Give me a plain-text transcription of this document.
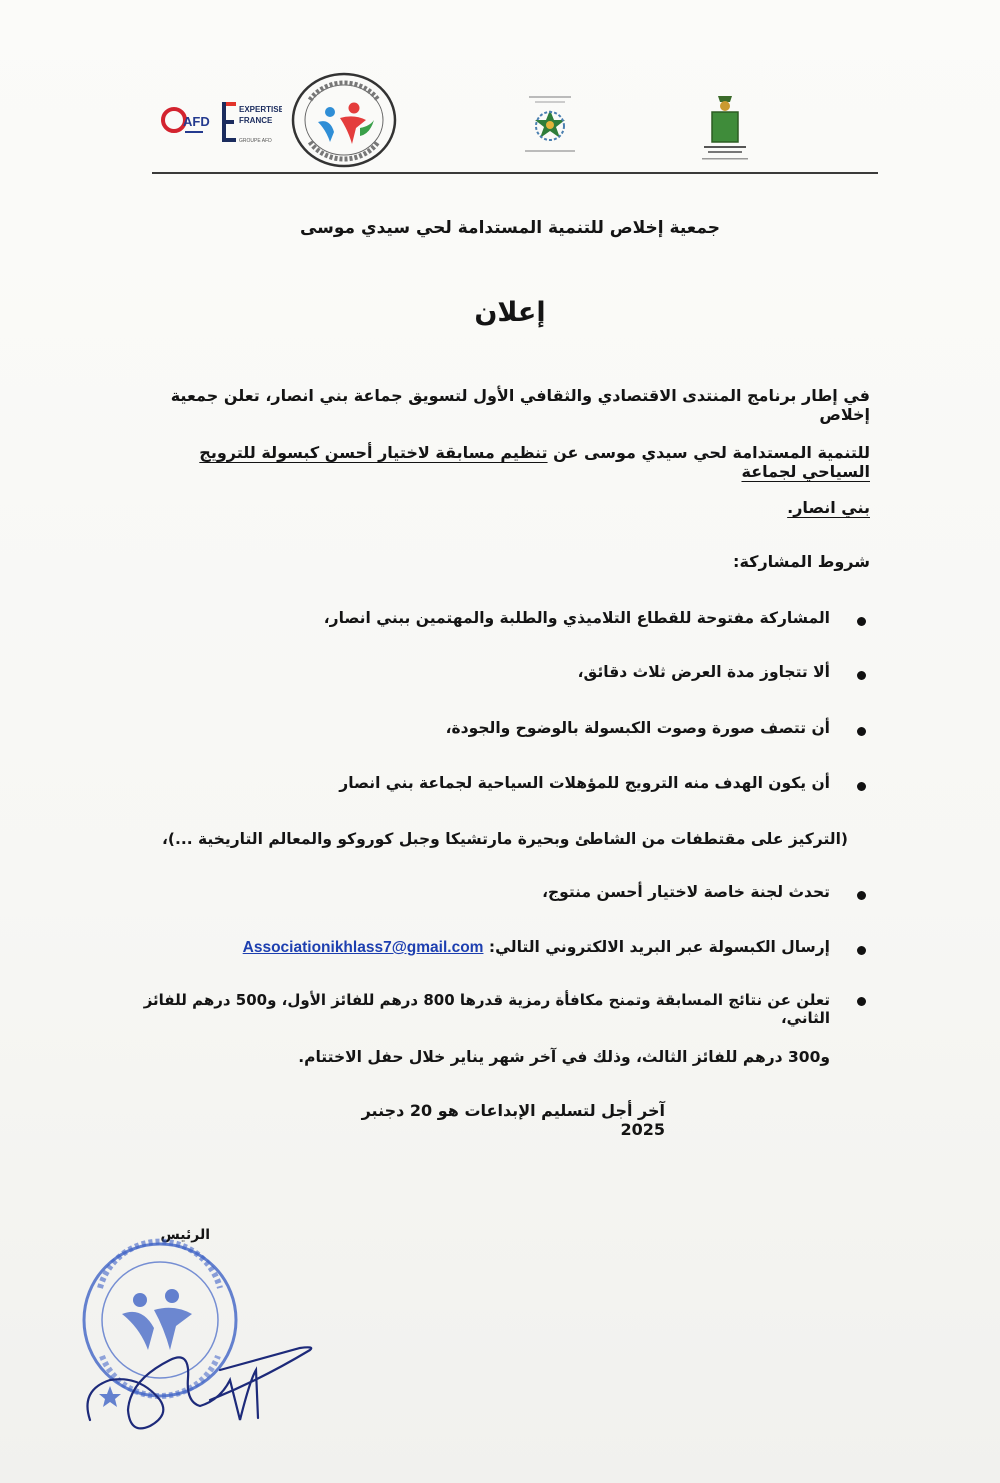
AFD
EXPERTISE
FRANCE
GROUPE AFD
جمعية إخلاص للتنمية المستدامة لحي سيدي موسى
إعلان
في إطار برنامج المنتدى الاقتصادي والثقافي الأول لتسويق جماعة بني انصار، تعلن جمعية إخلاص
للتنمية المستدامة لحي سيدي موسى عن تنظيم مسابقة لاختيار أحسن كبسولة للترويج السياحي لجماعة
بني انصار.
شروط المشاركة:
المشاركة مفتوحة للقطاع التلاميذي والطلبة والمهتمين ببني انصار،
ألا تتجاوز مدة العرض ثلاث دقائق،
أن تتصف صورة وصوت الكبسولة بالوضوح والجودة،
أن يكون الهدف منه الترويج للمؤهلات السياحية لجماعة بني انصار
(التركيز على مقتطفات من الشاطئ وبحيرة مارتشيكا وجبل كوروكو والمعالم التاريخية ...)،
تحدث لجنة خاصة لاختيار أحسن منتوج،
إرسال الكبسولة عبر البريد الالكتروني التالي: Associationikhlass7@gmail.com
تعلن عن نتائج المسابقة وتمنح مكافأة رمزية قدرها 800 درهم للفائز الأول، و500 درهم للفائز الثاني،
و300 درهم للفائز الثالث، وذلك في آخر شهر يناير خلال حفل الاختتام.
آخر أجل لتسليم الإبداعات هو 20 دجنبر 2025
الرئيس
